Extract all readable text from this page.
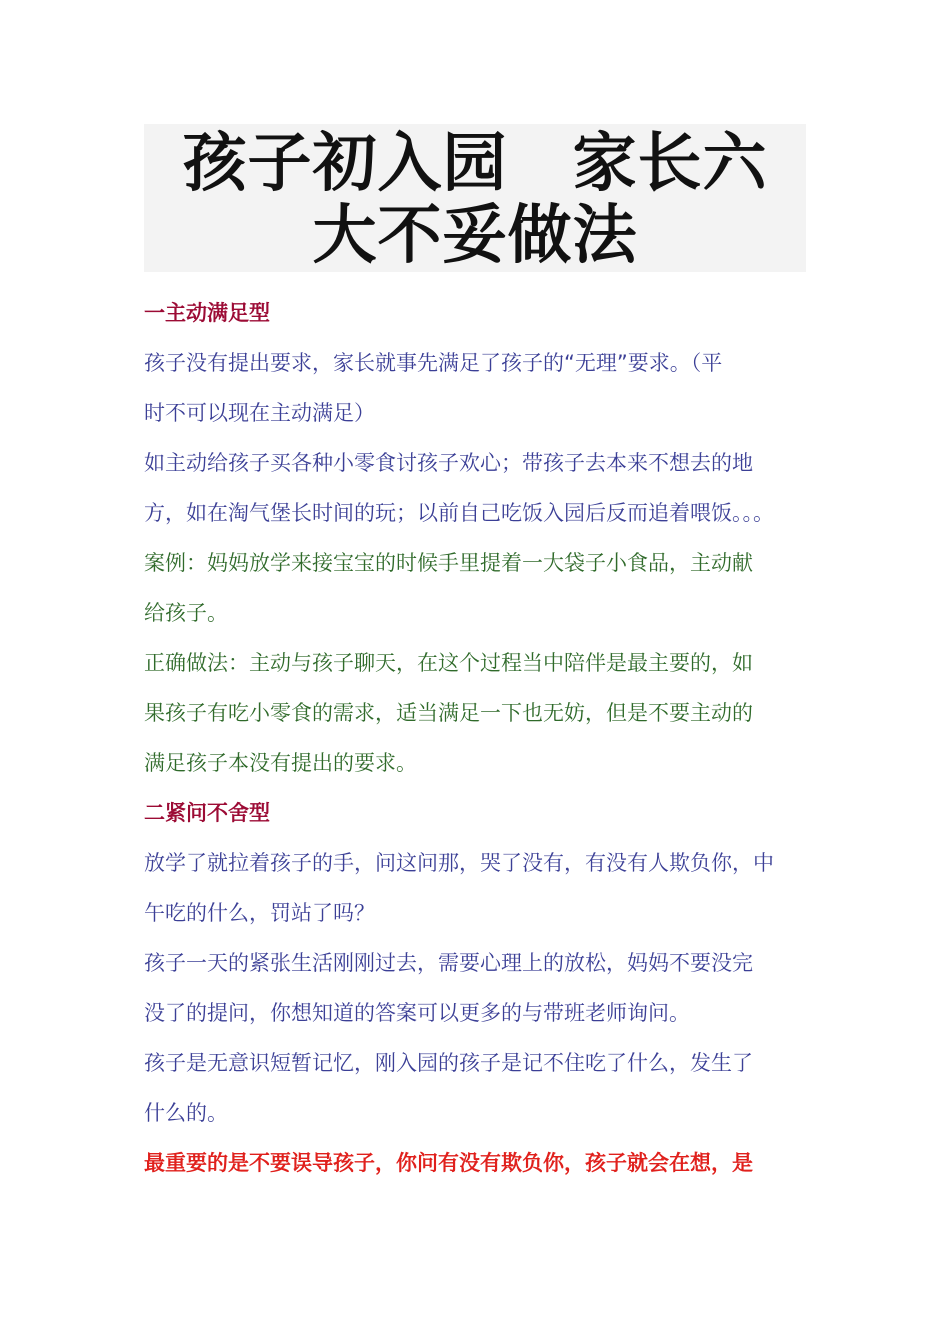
孩子初入园　家长六
大不妥做法

一主动满足型

孩子没有提出要求，家长就事先满足了孩子的“无理”要求。（平

时不可以现在主动满足）

如主动给孩子买各种小零食讨孩子欢心；带孩子去本来不想去的地

方，如在淘气堡长时间的玩；以前自己吃饭入园后反而追着喂饭。。。

案例：妈妈放学来接宝宝的时候手里提着一大袋子小食品，主动献

给孩子。

正确做法：主动与孩子聊天，在这个过程当中陪伴是最主要的，如

果孩子有吃小零食的需求，适当满足一下也无妨，但是不要主动的

满足孩子本没有提出的要求。

二紧问不舍型

放学了就拉着孩子的手，问这问那，哭了没有，有没有人欺负你，中

午吃的什么，罚站了吗？

孩子一天的紧张生活刚刚过去，需要心理上的放松，妈妈不要没完

没了的提问，你想知道的答案可以更多的与带班老师询问。

孩子是无意识短暂记忆，刚入园的孩子是记不住吃了什么，发生了

什么的。

最重要的是不要误导孩子，你问有没有欺负你，孩子就会在想，是
